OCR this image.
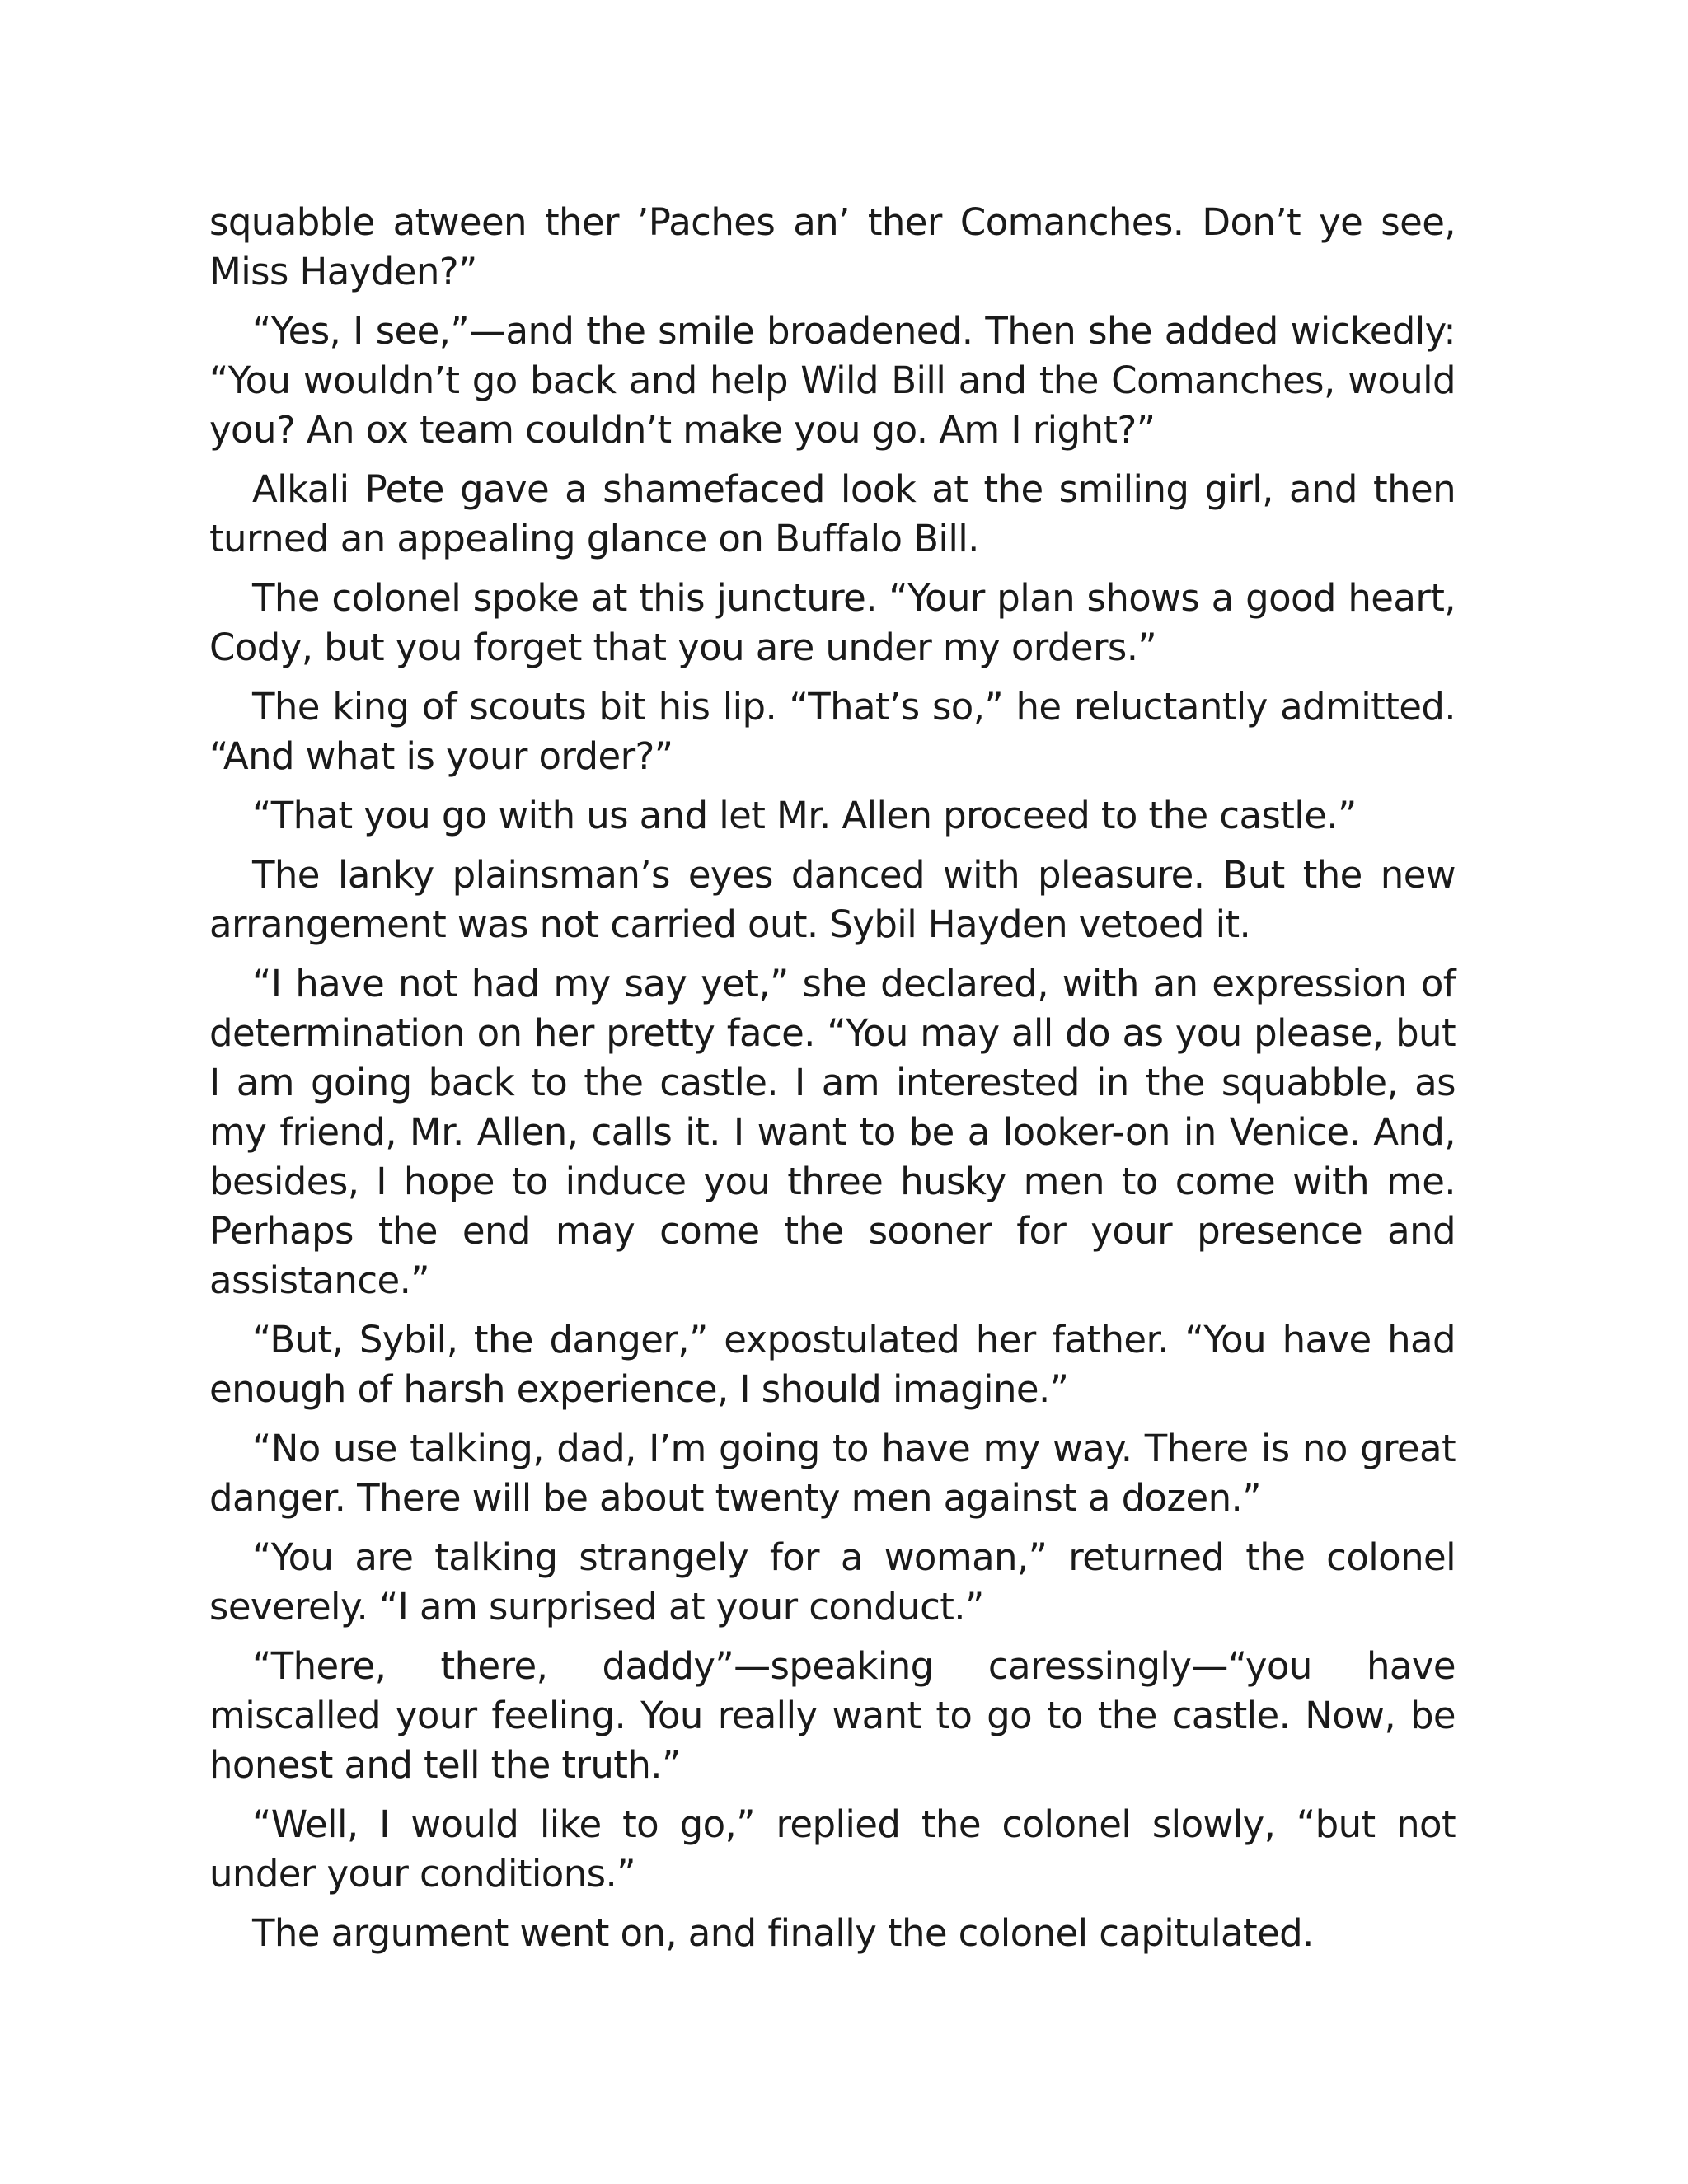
squabble atween ther ’Paches an’ ther Comanches. Don’t ye see, Miss Hayden?”

“Yes, I see,”—and the smile broadened. Then she added wickedly: “You wouldn’t go back and help Wild Bill and the Comanches, would you? An ox team couldn’t make you go. Am I right?”

Alkali Pete gave a shamefaced look at the smiling girl, and then turned an appealing glance on Buffalo Bill.

The colonel spoke at this juncture. “Your plan shows a good heart, Cody, but you forget that you are under my orders.”

The king of scouts bit his lip. “That’s so,” he reluctantly admitted. “And what is your order?”

“That you go with us and let Mr. Allen proceed to the castle.”

The lanky plainsman’s eyes danced with pleasure. But the new arrangement was not carried out. Sybil Hayden vetoed it.

“I have not had my say yet,” she declared, with an expression of determination on her pretty face. “You may all do as you please, but I am going back to the castle. I am interested in the squabble, as my friend, Mr. Allen, calls it. I want to be a looker-on in Venice. And, besides, I hope to induce you three husky men to come with me. Perhaps the end may come the sooner for your presence and assistance.”

“But, Sybil, the danger,” expostulated her father. “You have had enough of harsh experience, I should imagine.”

“No use talking, dad, I’m going to have my way. There is no great danger. There will be about twenty men against a dozen.”

“You are talking strangely for a woman,” returned the colonel severely. “I am surprised at your conduct.”

“There, there, daddy”—speaking caressingly—“you have miscalled your feeling. You really want to go to the castle. Now, be honest and tell the truth.”

“Well, I would like to go,” replied the colonel slowly, “but not under your conditions.”

The argument went on, and finally the colonel capitulated.
